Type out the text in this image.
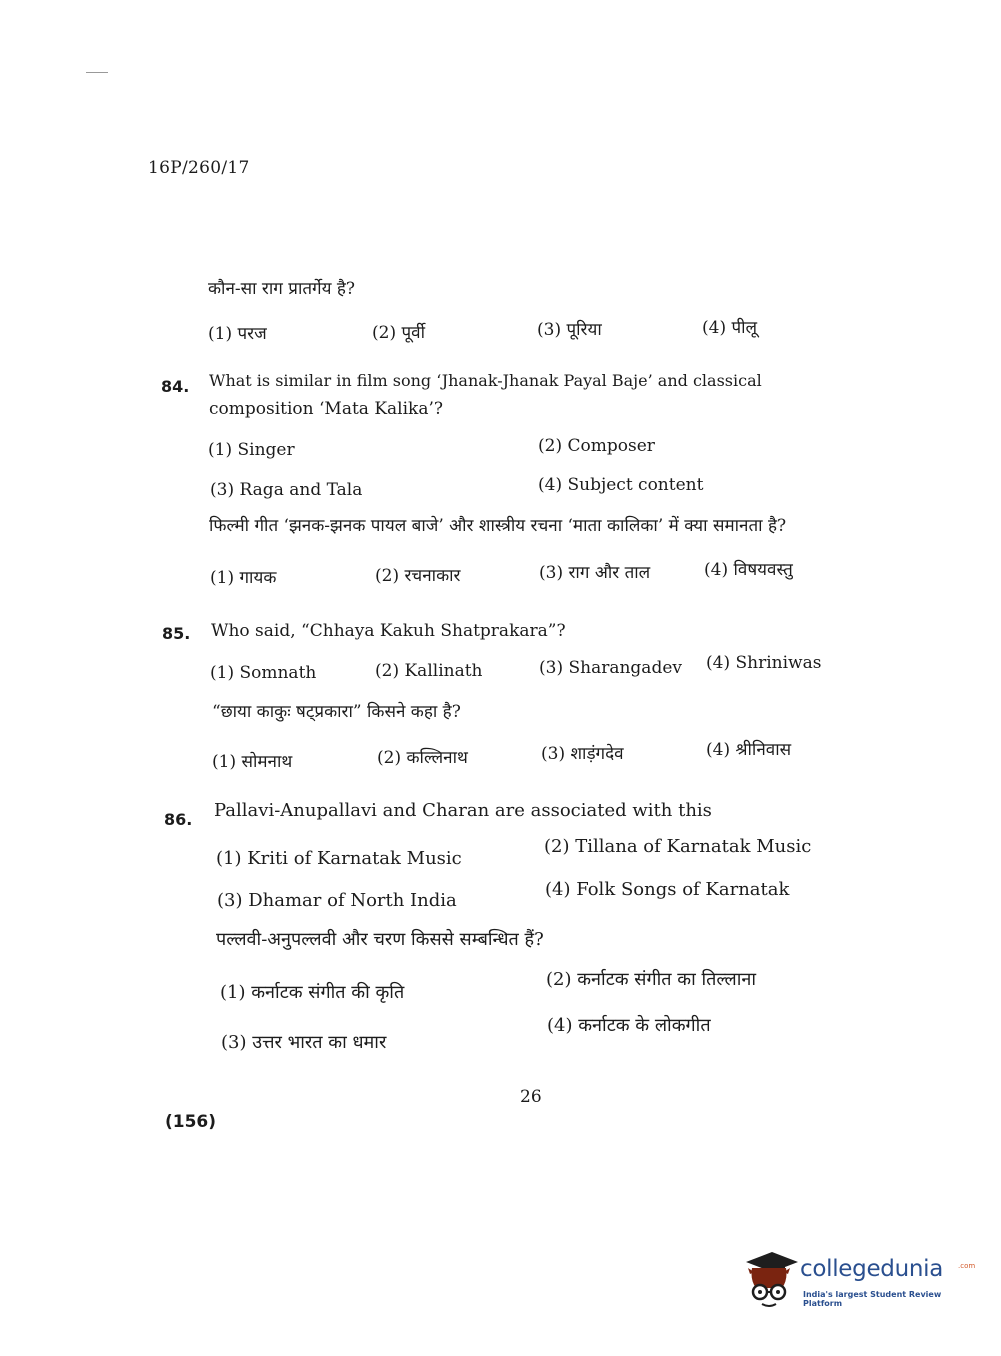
16P/260/17
कौन-सा राग प्रातर्गेय है?
(1) परज	(2) पूर्वी	(3) पूरिया	(4) पीलू
84. What is similar in film song ‘Jhanak-Jhanak Payal Baje’ and classical
composition ‘Mata Kalika’?
(1) Singer	(2) Composer
(3) Raga and Tala	(4) Subject content
फिल्मी गीत ‘झनक-झनक पायल बाजे’ और शास्त्रीय रचना ‘माता कालिका’ में क्या समानता है?
(1) गायक	(2) रचनाकार	(3) राग और ताल	(4) विषयवस्तु
85. Who said, “Chhaya Kakuh Shatprakara”?
(1) Somnath	(2) Kallinath	(3) Sharangadev (4) Shriniwas
“छाया काकुः षट्प्रकारा” किसने कहा है?
(1) सोमनाथ	(2) कल्लिनाथ	(3) शाड़ंगदेव	(4) श्रीनिवास
86. Pallavi-Anupallavi and Charan are associated with this
(1) Kriti of Karnatak Music
(2) Tillana of Karnatak Music
(3) Dhamar of North India
(4) Folk Songs of Karnatak
पल्लवी-अनुपल्लवी और चरण किससे सम्बन्धित हैं?
(1) कर्नाटक संगीत की कृति
(2) कर्नाटक संगीत का तिल्लाना
(3) उत्तर भारत का धमार
(4) कर्नाटक के लोकगीत
26
(156)
collegedunia .com
India's largest Student Review Platform
